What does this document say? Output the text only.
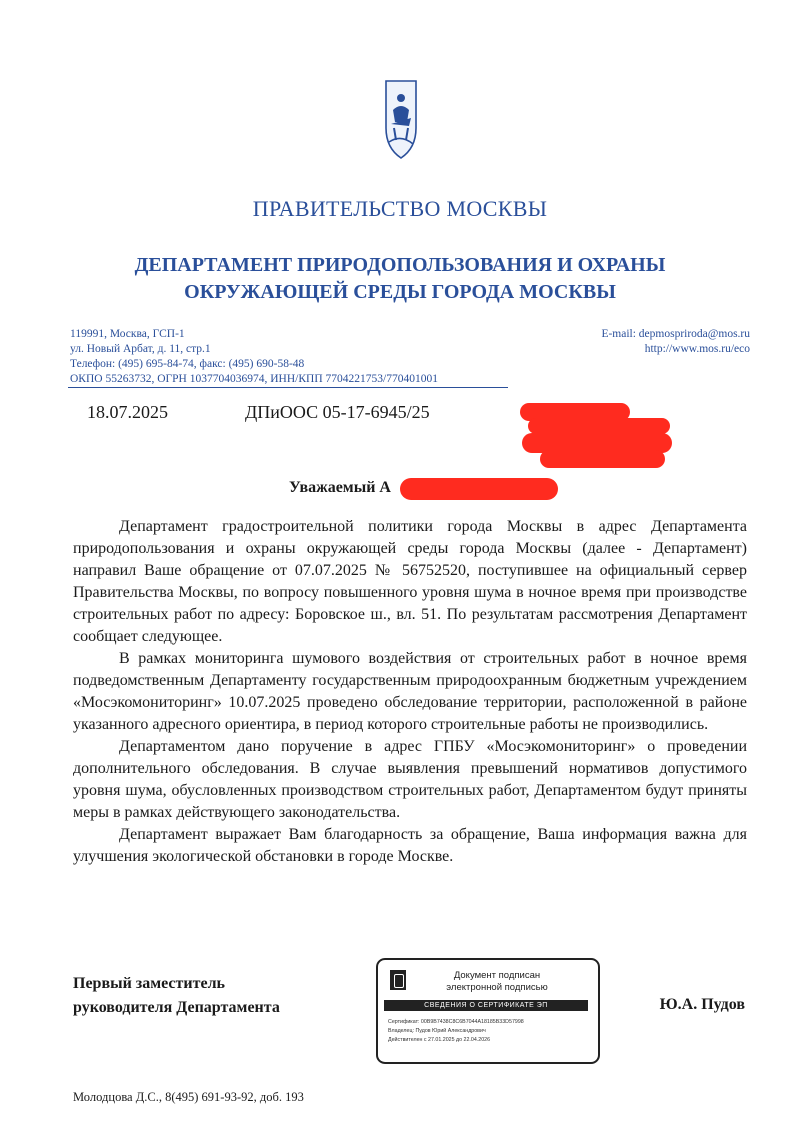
ПРАВИТЕЛЬСТВО МОСКВЫ
ДЕПАРТАМЕНТ ПРИРОДОПОЛЬЗОВАНИЯ И ОХРАНЫ
ОКРУЖАЮЩЕЙ СРЕДЫ ГОРОДА МОСКВЫ
119991, Москва, ГСП-1
ул. Новый Арбат, д. 11, стр.1
Телефон: (495) 695-84-74, факс: (495) 690-58-48
ОКПО 55263732, ОГРН 1037704036974, ИНН/КПП 7704221753/770401001
E-mail: depmospriroda@mos.ru
http://www.mos.ru/eco
18.07.2025	ДПиООС 05-17-6945/25
Уважаемый А

Департамент градостроительной политики города Москвы в адрес Департамента природопользования и охраны окружающей среды города Москвы (далее - Департамент) направил Ваше обращение от 07.07.2025 № 56752520, поступившее на официальный сервер Правительства Москвы, по вопросу повышенного уровня шума в ночное время при производстве строительных работ по адресу: Боровское ш., вл. 51. По результатам рассмотрения Департамент сообщает следующее.

В рамках мониторинга шумового воздействия от строительных работ в ночное время подведомственным Департаменту государственным природоохранным бюджетным учреждением «Мосэкомониторинг» 10.07.2025 проведено обследование территории, расположенной в районе указанного адресного ориентира, в период которого строительные работы не производились.

Департаментом дано поручение в адрес ГПБУ «Мосэкомониторинг» о проведении дополнительного обследования. В случае выявления превышений нормативов допустимого уровня шума, обусловленных производством строительных работ, Департаментом будут приняты меры в рамках действующего законодательства.

Департамент выражает Вам благодарность за обращение, Ваша информация важна для улучшения экологической обстановки в городе Москве.

Первый заместитель
руководителя Департамента
Документ подписан
электронной подписью
СВЕДЕНИЯ О СЕРТИФИКАТЕ ЭП
Сертификат: 00B9B7438C8C6B7044A18185B33D57998
Владелец: Пудов Юрий Александрович
Действителен с 27.01.2025 до 22.04.2026
Ю.А. Пудов
Молодцова Д.С., 8(495) 691-93-92, доб. 193
